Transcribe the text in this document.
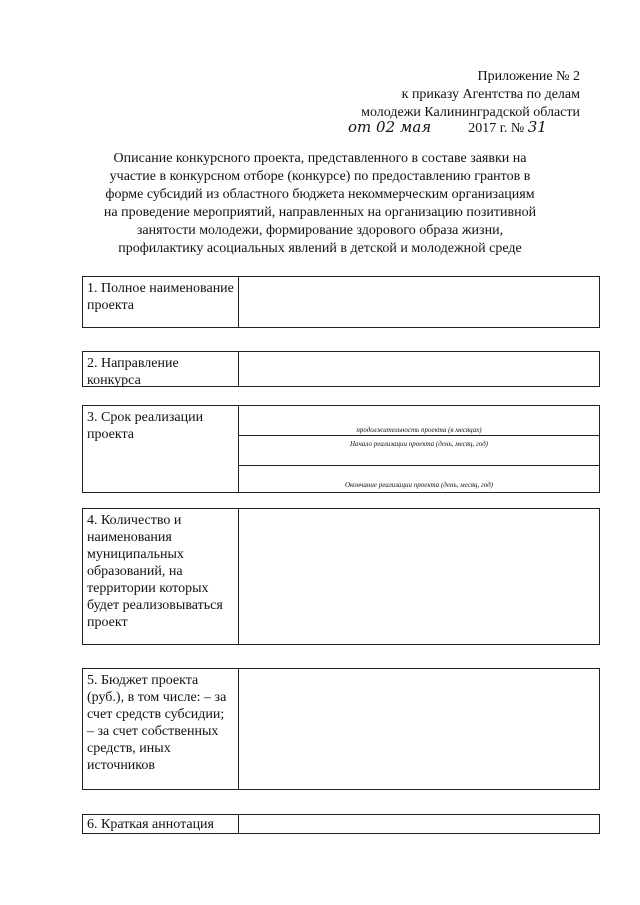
Приложение № 2
к приказу Агентства по делам
молодежи Калининградской области
от 02 мая	2017 г. № 31
Описание конкурсного проекта, представленного в составе заявки на
участие в конкурсном отборе (конкурсе) по предоставлению грантов в
форме субсидий из областного бюджета некоммерческим организациям
на проведение мероприятий, направленных на организацию позитивной
занятости молодежи, формирование здорового образа жизни,
профилактику асоциальных явлений в детской и молодежной среде
1. Полное наименование проекта
2. Направление конкурса
3. Срок реализации проекта	продолжительность проекта (в месяцах)
Начало реализации проекта (день, месяц, год)
Окончание реализации проекта (день, месяц, год)
4. Количество и наименования муниципальных образований, на территории которых будет реализовываться проект
5. Бюджет проекта (руб.), в том числе: – за счет средств субсидии; – за счет собственных средств, иных источников
6. Краткая аннотация
